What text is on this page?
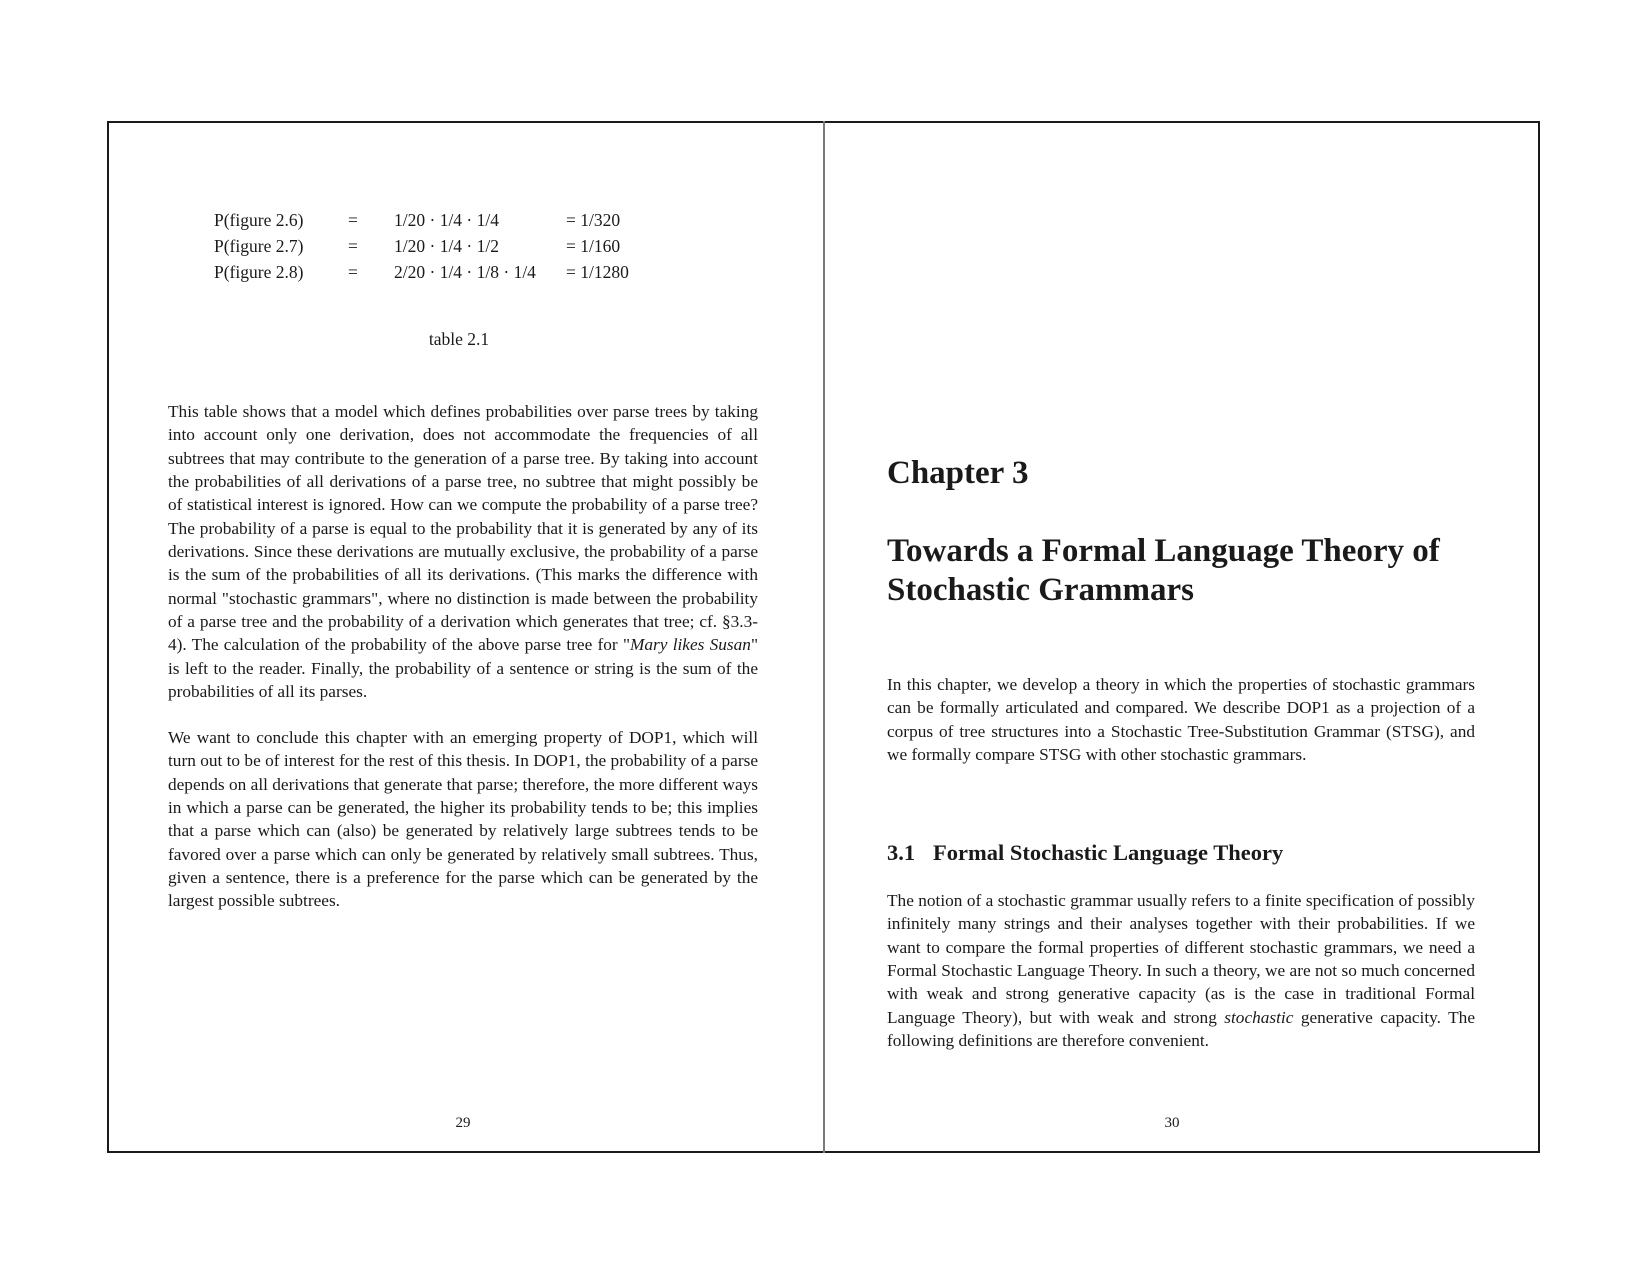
P(figure 2.6)	= 1/20 · 1/4 · 1/4	= 1/320
P(figure 2.7)	= 1/20 · 1/4 · 1/2	= 1/160
P(figure 2.8)	= 2/20 · 1/4 · 1/8 · 1/4 = 1/1280
table 2.1

This table shows that a model which defines probabilities over parse trees by taking into account only one derivation, does not accommodate the frequencies of all subtrees that may contribute to the generation of a parse tree. By taking into account the probabilities of all derivations of a parse tree, no subtree that might possibly be of statistical interest is ignored. How can we compute the probability of a parse tree? The probability of a parse is equal to the probability that it is generated by any of its derivations. Since these derivations are mutually exclusive, the probability of a parse is the sum of the probabilities of all its derivations. (This marks the difference with normal "stochastic grammars", where no distinction is made between the probability of a parse tree and the probability of a derivation which generates that tree; cf. §3.3-4). The calculation of the probability of the above parse tree for "Mary likes Susan" is left to the reader. Finally, the probability of a sentence or string is the sum of the probabilities of all its parses.

We want to conclude this chapter with an emerging property of DOP1, which will turn out to be of interest for the rest of this thesis. In DOP1, the probability of a parse depends on all derivations that generate that parse; therefore, the more different ways in which a parse can be generated, the higher its probability tends to be; this implies that a parse which can (also) be generated by relatively large subtrees tends to be favored over a parse which can only be generated by relatively small subtrees. Thus, given a sentence, there is a preference for the parse which can be generated by the largest possible subtrees.

29
Chapter 3
Towards a Formal Language Theory of Stochastic Grammars

In this chapter, we develop a theory in which the properties of stochastic grammars can be formally articulated and compared. We describe DOP1 as a projection of a corpus of tree structures into a Stochastic Tree-Substitution Grammar (STSG), and we formally compare STSG with other stochastic grammars.

3.1 Formal Stochastic Language Theory

The notion of a stochastic grammar usually refers to a finite specification of possibly infinitely many strings and their analyses together with their probabilities. If we want to compare the formal properties of different stochastic grammars, we need a Formal Stochastic Language Theory. In such a theory, we are not so much concerned with weak and strong generative capacity (as is the case in traditional Formal Language Theory), but with weak and strong stochastic generative capacity. The following definitions are therefore convenient.

30
